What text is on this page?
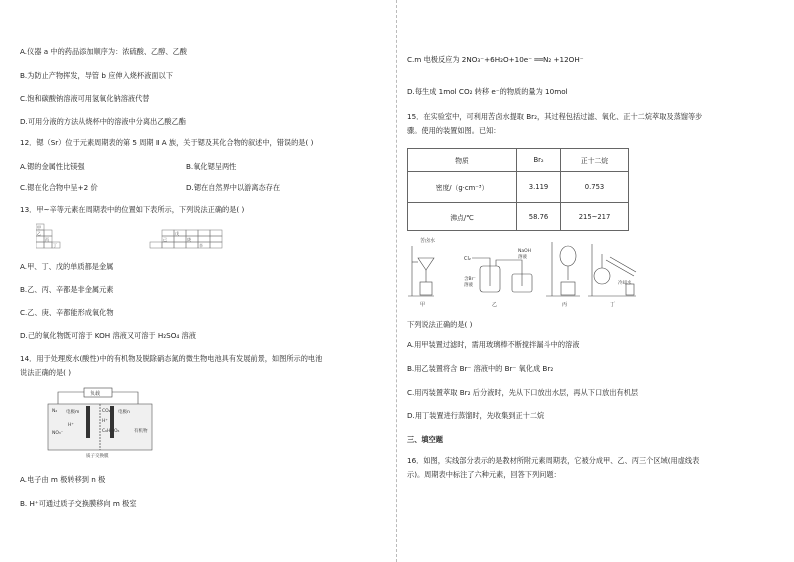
A.仪器 a 中的药品添加顺序为：浓硫酸、乙醇、乙酸
B.为防止产物挥发，导管 b 应伸入烧杯液面以下
C.饱和碳酸钠溶液可用氢氧化钠溶液代替
D.可用分液的方法从烧杯中的溶液中分离出乙酸乙酯
12．锶（Sr）位于元素周期表的第 5 周期 Ⅱ A 族，关于锶及其化合物的叙述中，错误的是( )
A.锶的金属性比镁强	B.氧化锶呈两性
C.锶在化合物中呈+2 价	D.锶在自然界中以游离态存在
13．甲~辛等元素在周期表中的位置如下表所示，下列说法正确的是( )
甲
乙
丙
丁
戊
己	庚
辛
A.甲、丁、戊的单质都是金属
B.乙、丙、辛都是非金属元素
C.乙、庚、辛都能形成氧化物
D.己的氧化物既可溶于 KOH 溶液又可溶于 H₂SO₄ 溶液
14．用于处理废水(酸性)中的有机物及脱除硝态氮的微生物电池具有发展前景，如图所示的电池
说法正确的是( )
负载
电极m	电极n
N₂
H⁺
NO₃⁻
CO₂
H⁺
C₆H₁₂O₆	有机物
质子交换膜
A.电子由 m 极转移到 n 极
B. H⁺可通过质子交换膜移向 m 极室
C.m 电极反应为 2NO₃⁻+6H₂O+10e⁻ ══N₂ +12OH⁻
D.每生成 1mol CO₂ 转移 e⁻的物质的量为 10mol
15．在实验室中，可利用苦卤水提取 Br₂，其过程包括过滤、氧化、正十二烷萃取及蒸馏等步
骤。使用的装置如图。已知：
物质	Br₂	正十二烷
密度/（g·cm⁻³）	3.119	0.753
沸点/℃	58.76	215~217
苦卤水
Cl₂
含Br⁻
溶液
NaOH
溶液
冷却水
甲	乙	丙	丁
下列说法正确的是( )
A.用甲装置过滤时，需用玻璃棒不断搅拌漏斗中的溶液
B.用乙装置将含 Br⁻ 溶液中的 Br⁻ 氧化成 Br₂
C.用丙装置萃取 Br₂ 后分液时，先从下口放出水层，再从下口放出有机层
D.用丁装置进行蒸馏时，先收集到正十二烷
三、填空题
16．如图，实线部分表示的是教材所附元素周期表，它被分成甲、乙、丙三个区域(用虚线表
示)。周期表中标注了六种元素，回答下列问题：
